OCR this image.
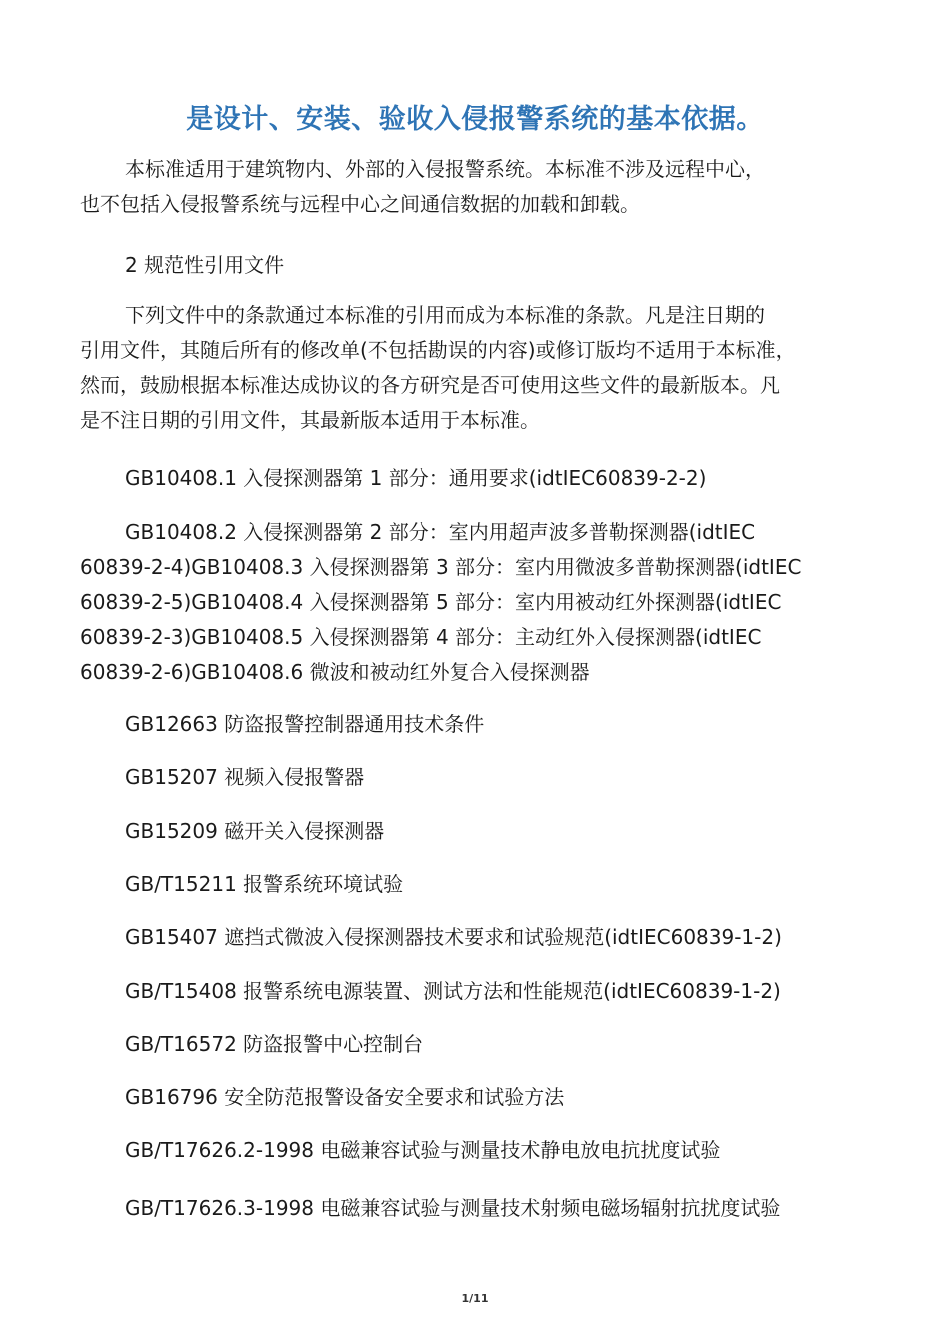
是设计、安装、验收入侵报警系统的基本依据。
本标准适用于建筑物内、外部的入侵报警系统。本标准不涉及远程中心，
也不包括入侵报警系统与远程中心之间通信数据的加载和卸载。
2 规范性引用文件
下列文件中的条款通过本标准的引用而成为本标准的条款。凡是注日期的
引用文件，其随后所有的修改单(不包括勘误的内容)或修订版均不适用于本标准，
然而，鼓励根据本标准达成协议的各方研究是否可使用这些文件的最新版本。凡
是不注日期的引用文件，其最新版本适用于本标准。
GB10408.1 入侵探测器第 1 部分：通用要求(idtIEC60839-2-2)
GB10408.2 入侵探测器第 2 部分：室内用超声波多普勒探测器(idtIEC
60839-2-4)GB10408.3 入侵探测器第 3 部分：室内用微波多普勒探测器(idtIEC
60839-2-5)GB10408.4 入侵探测器第 5 部分：室内用被动红外探测器(idtIEC
60839-2-3)GB10408.5 入侵探测器第 4 部分：主动红外入侵探测器(idtIEC
60839-2-6)GB10408.6 微波和被动红外复合入侵探测器
GB12663 防盗报警控制器通用技术条件
GB15207 视频入侵报警器
GB15209 磁开关入侵探测器
GB/T15211 报警系统环境试验
GB15407 遮挡式微波入侵探测器技术要求和试验规范(idtIEC60839-1-2)
GB/T15408 报警系统电源装置、测试方法和性能规范(idtIEC60839-1-2)
GB/T16572 防盗报警中心控制台
GB16796 安全防范报警设备安全要求和试验方法
GB/T17626.2-1998 电磁兼容试验与测量技术静电放电抗扰度试验
GB/T17626.3-1998 电磁兼容试验与测量技术射频电磁场辐射抗扰度试验
1/11
